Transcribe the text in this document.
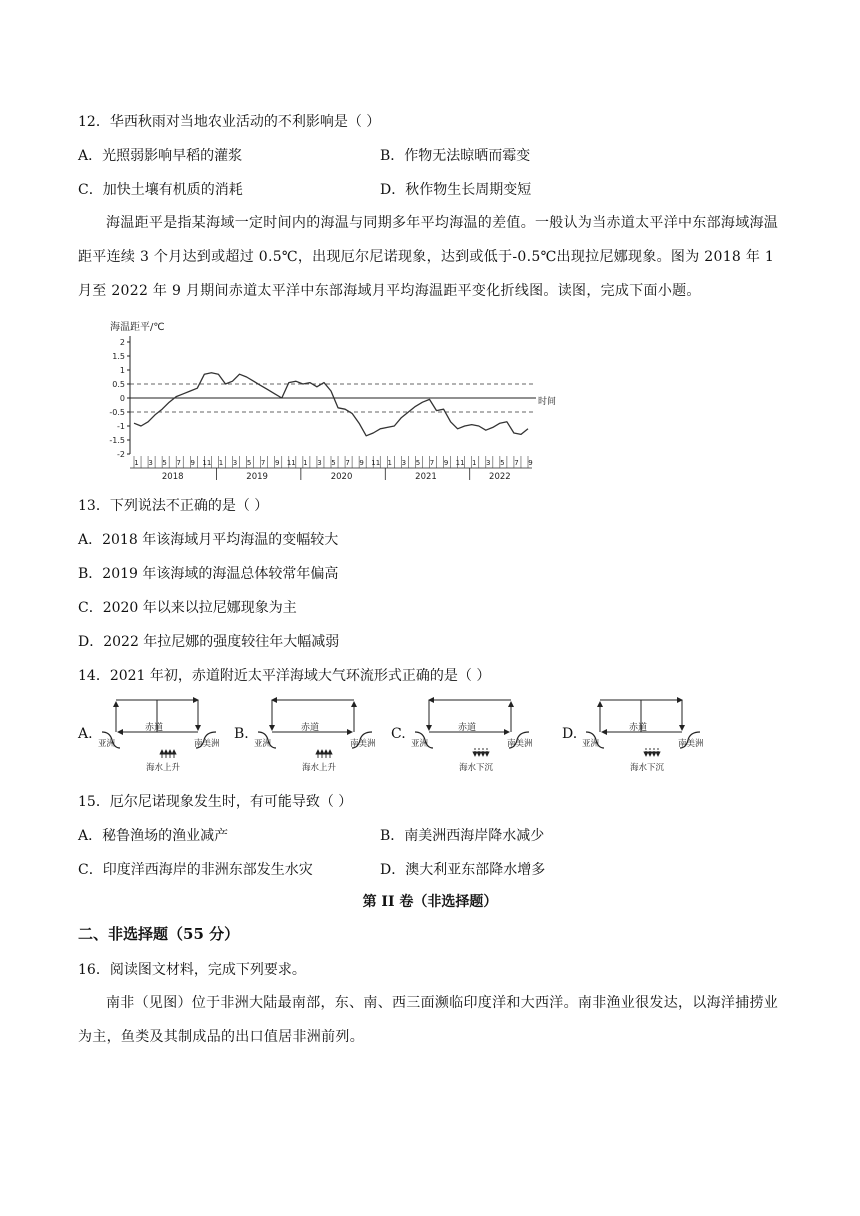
12．华西秋雨对当地农业活动的不利影响是（ ）
A．光照弱影响早稻的灌浆	B．作物无法晾晒而霉变
C．加快土壤有机质的消耗	D．秋作物生长周期变短

海温距平是指某海域一定时间内的海温与同期多年平均海温的差值。一般认为当赤道太平洋中东部海域海温距平连续 3 个月达到或超过 0.5℃，出现厄尔尼诺现象，达到或低于-0.5℃出现拉尼娜现象。图为 2018 年 1 月至 2022 年 9 月期间赤道太平洋中东部海域月平均海温距平变化折线图。读图，完成下面小题。

海温距平/℃
2
1.5
1
0.5
0
-0.5
-1
-1.5
-2
1 3 5 7 9 11 1 3 5 7 9 11 1 3 5 7 9 11 1 3 5 7 9 11 1 3 5 7 9
2018	2019	2020	2021	2022
时间
13．下列说法不正确的是（ ）
A．2018 年该海域月平均海温的变幅较大
B．2019 年该海域的海温总体较常年偏高
C．2020 年以来以拉尼娜现象为主
D．2022 年拉尼娜的强度较往年大幅减弱
14．2021 年初，赤道附近太平洋海域大气环流形式正确的是（ ）
A.	赤道
亚洲	南美洲
海水上升
B.	赤道
亚洲	南美洲
海水上升
C.	赤道
亚洲	南美洲
海水下沉
D.	赤道
亚洲	南美洲
海水下沉
15．厄尔尼诺现象发生时，有可能导致（ ）
A．秘鲁渔场的渔业减产	B．南美洲西海岸降水减少
C．印度洋西海岸的非洲东部发生水灾	D．澳大利亚东部降水增多
第 II 卷（非选择题）
二、非选择题（55 分）
16．阅读图文材料，完成下列要求。

南非（见图）位于非洲大陆最南部，东、南、西三面濒临印度洋和大西洋。南非渔业很发达，以海洋捕捞业为主，鱼类及其制成品的出口值居非洲前列。
